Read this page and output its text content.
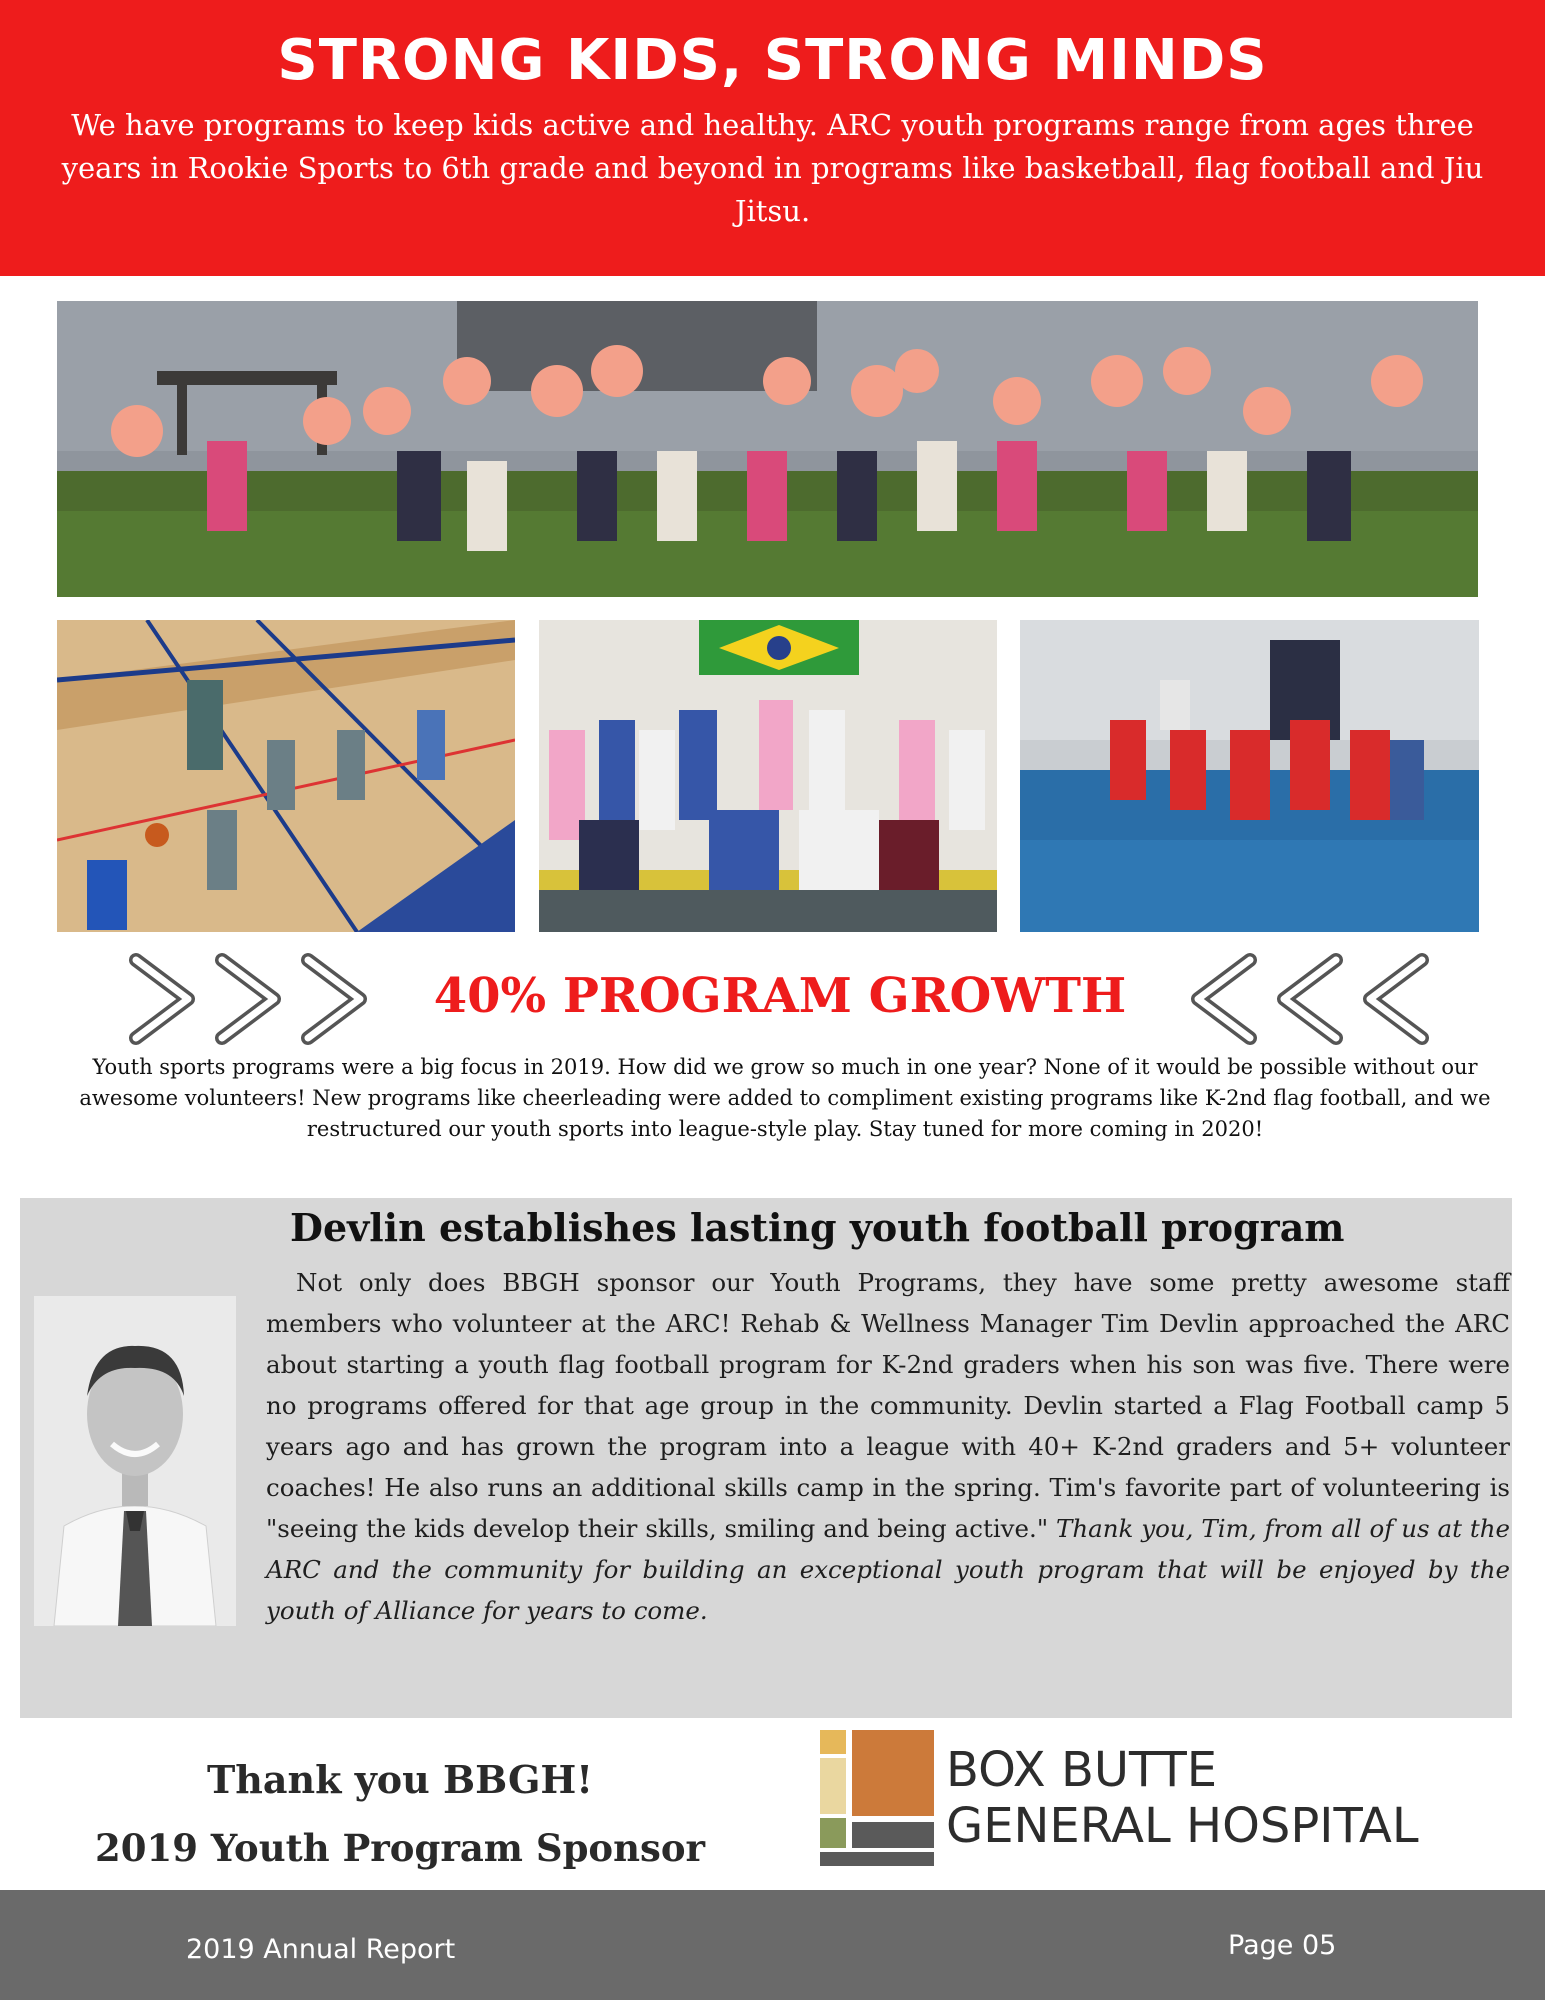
STRONG KIDS, STRONG MINDS
We have programs to keep kids active and healthy. ARC youth programs range from ages three years in Rookie Sports to 6th grade and beyond in programs like basketball, flag football and Jiu Jitsu.
40% PROGRAM GROWTH
Youth sports programs were a big focus in 2019. How did we grow so much in one year? None of it would be possible without our awesome volunteers! New programs like cheerleading were added to compliment existing programs like K-2nd flag football, and we restructured our youth sports into league-style play. Stay tuned for more coming in 2020!
Devlin establishes lasting youth football program
Not only does BBGH sponsor our Youth Programs, they have some pretty awesome staff members who volunteer at the ARC! Rehab & Wellness Manager Tim Devlin approached the ARC about starting a youth flag football program for K-2nd graders when his son was five. There were no programs offered for that age group in the community. Devlin started a Flag Football camp 5 years ago and has grown the program into a league with 40+ K-2nd graders and 5+ volunteer coaches! He also runs an additional skills camp in the spring. Tim's favorite part of volunteering is "seeing the kids develop their skills, smiling and being active." Thank you, Tim, from all of us at the ARC and the community for building an exceptional youth program that will be enjoyed by the youth of Alliance for years to come.
Thank you BBGH!
2019 Youth Program Sponsor
BOX BUTTE
GENERAL HOSPITAL
2019 Annual Report	Page 05
